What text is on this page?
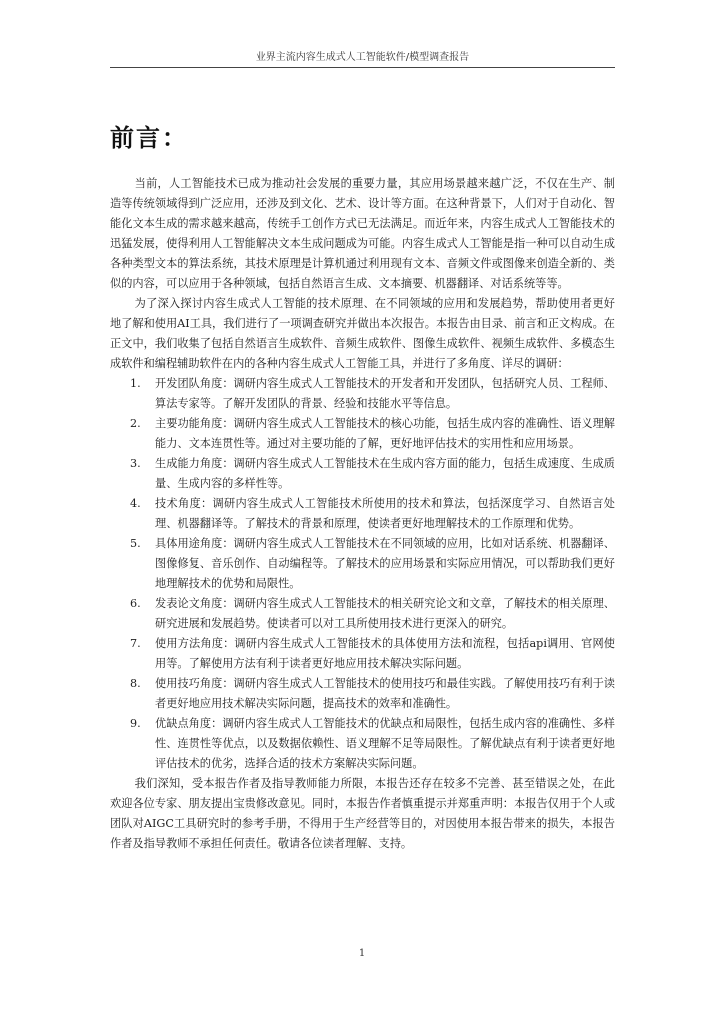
业界主流内容生成式人工智能软件/模型调查报告
前言：

当前，人工智能技术已成为推动社会发展的重要力量，其应用场景越来越广泛，不仅在生产、制造等传统领域得到广泛应用，还涉及到文化、艺术、设计等方面。在这种背景下，人们对于自动化、智能化文本生成的需求越来越高，传统手工创作方式已无法满足。而近年来，内容生成式人工智能技术的迅猛发展，使得利用人工智能解决文本生成问题成为可能。内容生成式人工智能是指一种可以自动生成各种类型文本的算法系统，其技术原理是计算机通过利用现有文本、音频文件或图像来创造全新的、类似的内容，可以应用于各种领域，包括自然语言生成、文本摘要、机器翻译、对话系统等等。

为了深入探讨内容生成式人工智能的技术原理、在不同领域的应用和发展趋势，帮助使用者更好地了解和使用AI工具，我们进行了一项调查研究并做出本次报告。本报告由目录、前言和正文构成。在正文中，我们收集了包括自然语言生成软件、音频生成软件、图像生成软件、视频生成软件、多模态生成软件和编程辅助软件在内的各种内容生成式人工智能工具，并进行了多角度、详尽的调研：

1. 开发团队角度：调研内容生成式人工智能技术的开发者和开发团队，包括研究人员、工程师、算法专家等。了解开发团队的背景、经验和技能水平等信息。
2. 主要功能角度：调研内容生成式人工智能技术的核心功能，包括生成内容的准确性、语义理解能力、文本连贯性等。通过对主要功能的了解，更好地评估技术的实用性和应用场景。
3. 生成能力角度：调研内容生成式人工智能技术在生成内容方面的能力，包括生成速度、生成质量、生成内容的多样性等。
4. 技术角度：调研内容生成式人工智能技术所使用的技术和算法，包括深度学习、自然语言处理、机器翻译等。了解技术的背景和原理，使读者更好地理解技术的工作原理和优势。
5. 具体用途角度：调研内容生成式人工智能技术在不同领域的应用，比如对话系统、机器翻译、图像修复、音乐创作、自动编程等。了解技术的应用场景和实际应用情况，可以帮助我们更好地理解技术的优势和局限性。
6. 发表论文角度：调研内容生成式人工智能技术的相关研究论文和文章，了解技术的相关原理、研究进展和发展趋势。使读者可以对工具所使用技术进行更深入的研究。
7. 使用方法角度：调研内容生成式人工智能技术的具体使用方法和流程，包括api调用、官网使用等。了解使用方法有利于读者更好地应用技术解决实际问题。
8. 使用技巧角度：调研内容生成式人工智能技术的使用技巧和最佳实践。了解使用技巧有利于读者更好地应用技术解决实际问题，提高技术的效率和准确性。
9. 优缺点角度：调研内容生成式人工智能技术的优缺点和局限性，包括生成内容的准确性、多样性、连贯性等优点，以及数据依赖性、语义理解不足等局限性。了解优缺点有利于读者更好地评估技术的优劣，选择合适的技术方案解决实际问题。

我们深知，受本报告作者及指导教师能力所限，本报告还存在较多不完善、甚至错误之处，在此欢迎各位专家、朋友提出宝贵修改意见。同时，本报告作者慎重提示并郑重声明：本报告仅用于个人或团队对AIGC工具研究时的参考手册，不得用于生产经营等目的，对因使用本报告带来的损失，本报告作者及指导教师不承担任何责任。敬请各位读者理解、支持。

1
